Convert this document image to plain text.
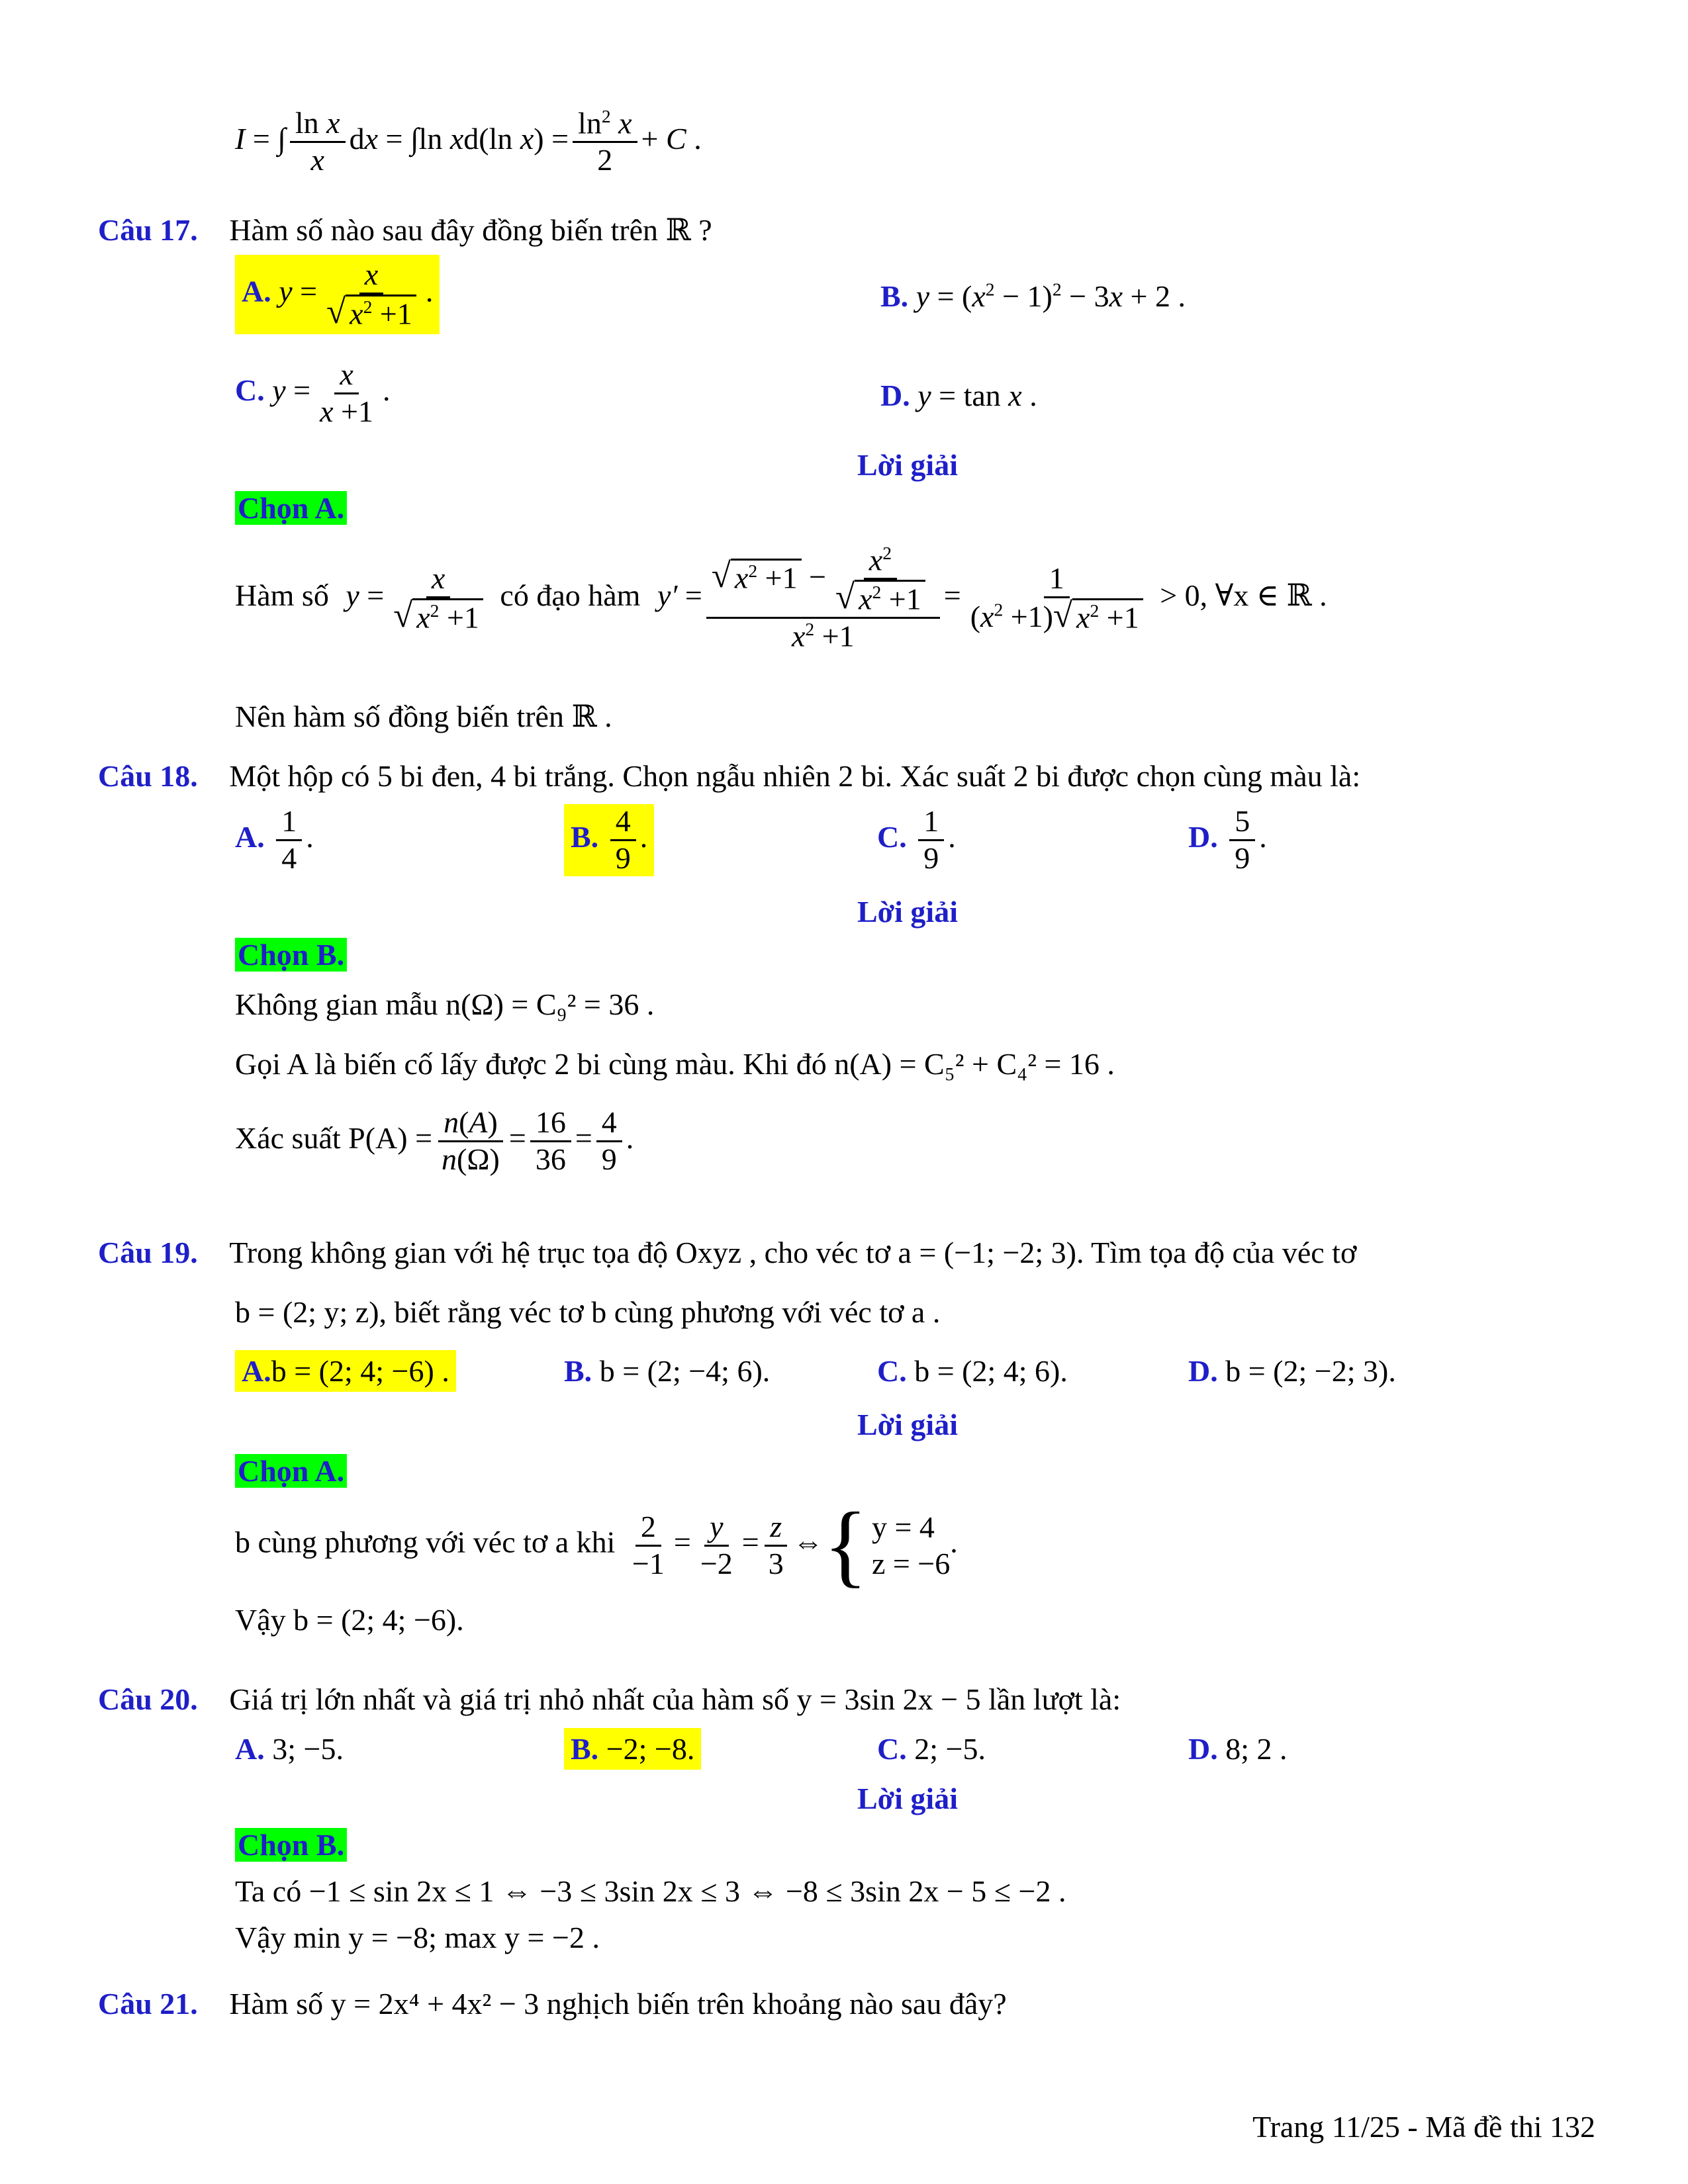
I = ∫ $\frac{\text{ln x}}{x}$ dx = ∫ln xd(ln $x) = \frac{\ln^2 x}{2} + C$ .
Câu 17. Hàm số nào sau đây đồng biến trên ℝ ?
A. $y = \frac{x}{√ x^2 +1}$ .	B. $y = (x^2 - 1)^2 - 3x + 2$ .
C. $y = \frac{x}{x +1}$ .	D. y = tan x .
Lời giải
Chọn A.
Hàm số $y = \frac{x}{√ x^2 +1}$ có đạo hàm $y' = \frac{√ x^2 +1 - \frac{x^2}{√ x^2 +1}}{x^2 +1} = \frac{1}{(x^2 +1) √ x^2 +1} > 0$, ∀x ∈ ℝ .
Nên hàm số đồng biến trên ℝ .
Câu 18. Một hộp có 5 bi đen, 4 bi trắng. Chọn ngẫu nhiên 2 bi. Xác suất 2 bi được chọn cùng màu là:
A. $\frac{1}{4}$ .	B. $\frac{4}{9}$ .	C. $\frac{1}{9}$ .	D. $\frac{5}{9}$ .
Lời giải
Chọn B.
Không gian mẫu n(Ω) = C₉² = 36 .
Gọi A là biến cố lấy được 2 bi cùng màu. Khi đó n(A) = C₅² + C₄² = 16 .
Xác suất $P(A) = \frac{n(A)}{n(\Omega)} = \frac{16}{36} = \frac{4}{9}$ .
Câu 19. Trong không gian với hệ trục tọa độ Oxyz , cho véc tơ a = (−1; −2; 3). Tìm tọa độ của véc tơ
b = (2; y; z), biết rằng véc tơ b cùng phương với véc tơ a .
A.b = (2; 4; −6) .	B. b = (2; −4; 6).	C. b = (2; 4; 6).	D. b = (2; −2; 3).
Lời giải
Chọn A.
b cùng phương với véc tơ a khi $\frac{2}{-1} = \frac{y}{-2} = \frac{z}{3}$ ⇔ { y = 4
z = −6
.
Vậy b = (2; 4; −6).
Câu 20. Giá trị lớn nhất và giá trị nhỏ nhất của hàm số y = 3sin 2x − 5 lần lượt là:
A. 3; −5.	B. −2; −8.	C. 2; −5.	D. 8; 2 .
Lời giải
Chọn B.
Ta có −1 ≤ sin 2x ≤ 1 ⇔ −3 ≤ 3sin 2x ≤ 3 ⇔ −8 ≤ 3sin 2x − 5 ≤ −2 .
Vậy min y = −8; max y = −2 .
Câu 21. Hàm số y = 2x⁴ + 4x² − 3 nghịch biến trên khoảng nào sau đây?
Trang 11/25 - Mã đề thi 132
